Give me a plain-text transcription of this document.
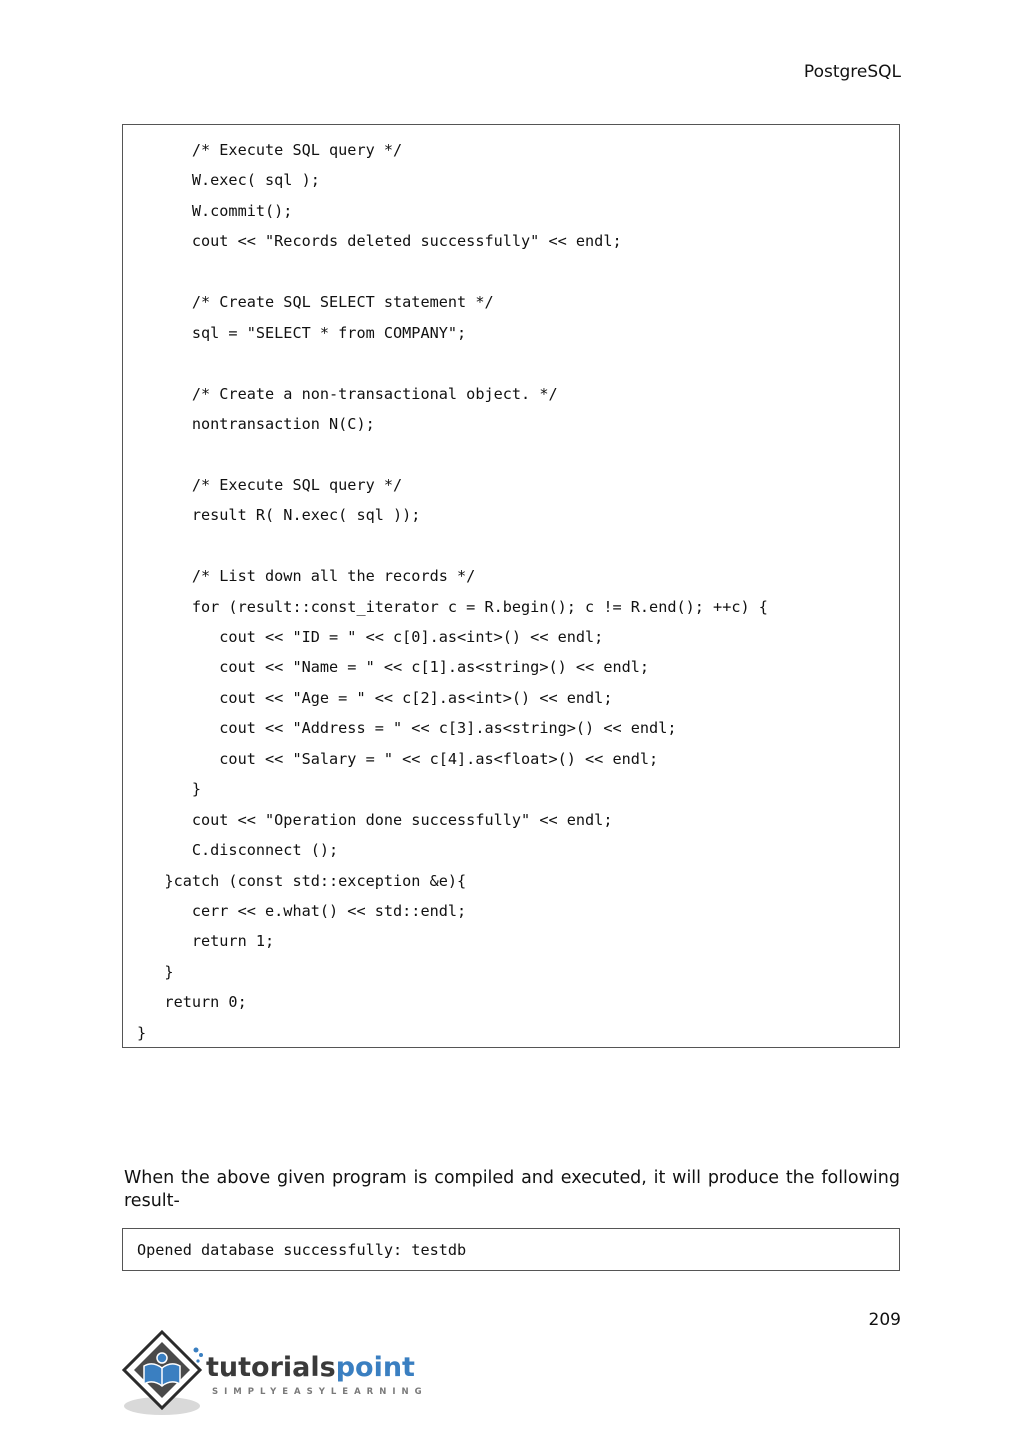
PostgreSQL
/* Execute SQL query */
W.exec( sql );
W.commit();
cout << "Records deleted successfully" << endl;
/* Create SQL SELECT statement */
sql = "SELECT * from COMPANY";
/* Create a non-transactional object. */
nontransaction N(C);
/* Execute SQL query */
result R( N.exec( sql ));
/* List down all the records */
for (result::const_iterator c = R.begin(); c != R.end(); ++c) {
cout << "ID = " << c[0].as<int>() << endl;
cout << "Name = " << c[1].as<string>() << endl;
cout << "Age = " << c[2].as<int>() << endl;
cout << "Address = " << c[3].as<string>() << endl;
cout << "Salary = " << c[4].as<float>() << endl;
}
cout << "Operation done successfully" << endl;
C.disconnect ();
}catch (const std::exception &e){
cerr << e.what() << std::endl;
return 1;
}
return 0;
}
When the above given program is compiled and executed, it will produce the following result-
Opened database successfully: testdb
209
tutorialspoint
SIMPLYEASYLEARNING
